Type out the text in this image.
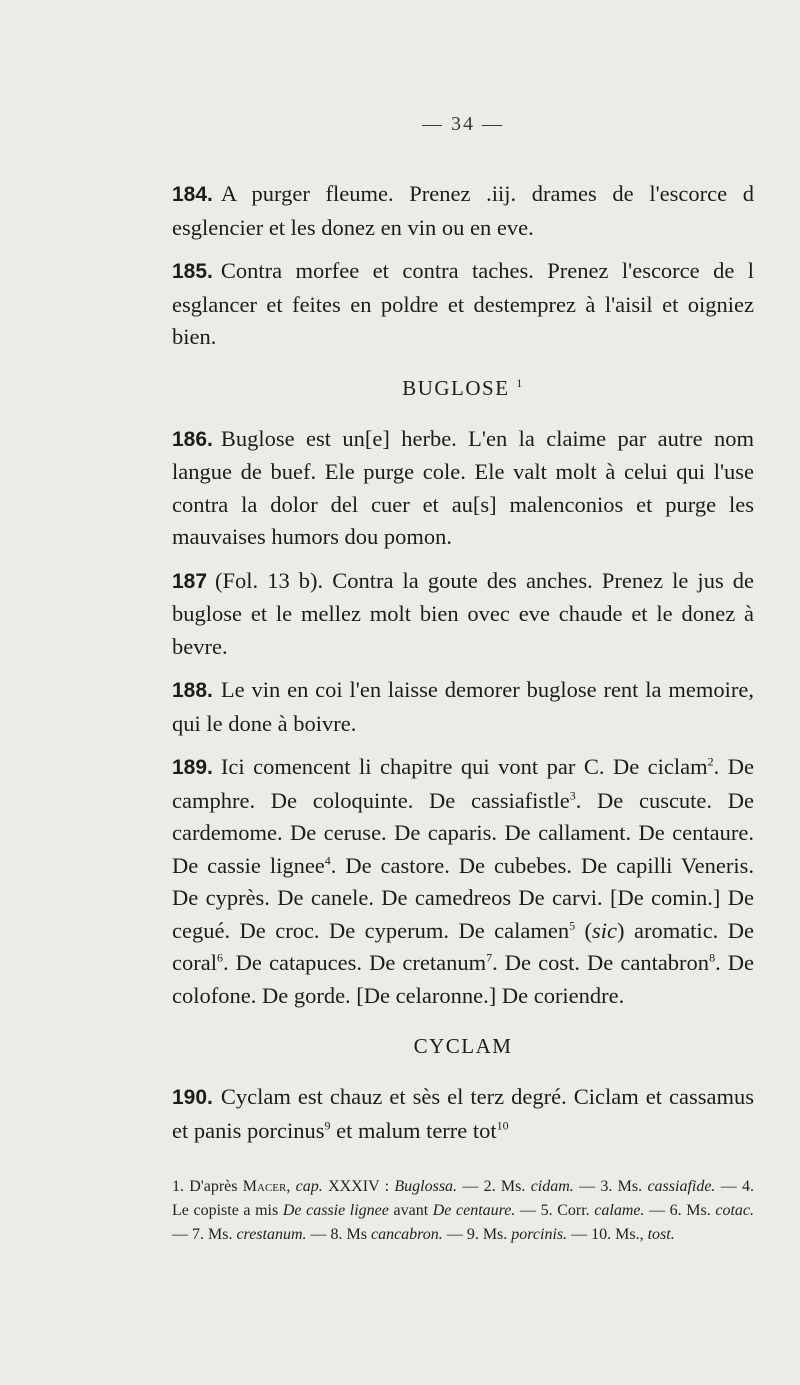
— 34 —

184. A purger fleume. Prenez .iij. drames de l'escorce d esglencier et les donez en vin ou en eve.

185. Contra morfee et contra taches. Prenez l'escorce de l esglancer et feites en poldre et destemprez à l'aisil et oigniez bien.

BUGLOSE $^1$

186. Buglose est un[e] herbe. L'en la claime par autre nom langue de buef. Ele purge cole. Ele valt molt à celui qui l'use contra la dolor del cuer et au[s] malenconios et purge les mauvaises humors dou pomon.

187 (Fol. 13 b). Contra la goute des anches. Prenez le jus de buglose et le mellez molt bien ovec eve chaude et le donez à bevre.

188. Le vin en coi l'en laisse demorer buglose rent la memoire, qui le done à boivre.

189. Ici comencent li chapitre qui vont par C. De ciclam$^2$. De camphre. De coloquinte. De cassiafistle$^3$. De cuscute. De cardemome. De ceruse. De caparis. De callament. De centaure. De cassie lignee$^4$. De castore. De cubebes. De capilli Veneris. De cyprès. De canele. De camedreos De carvi. [De comin.] De cegué. De croc. De cyperum. De calamen$^5$ (sic) aromatic. De coral$^6$. De catapuces. De cretanum$^7$. De cost. De cantabron$^8$. De colofone. De gorde. [De celaronne.] De coriendre.

CYCLAM

190. Cyclam est chauz et sès el terz degré. Ciclam et cassamus et panis porcinus$^9$ et malum terre tot$^{10}$

1. D'après Macer, cap. XXXIV : Buglossa. — 2. Ms. cidam. — 3. Ms. cassiafide. — 4. Le copiste a mis De cassie lignee avant De centaure. — 5. Corr. calame. — 6. Ms. cotac. — 7. Ms. crestanum. — 8. Ms cancabron. — 9. Ms. porcinis. — 10. Ms., tost.
